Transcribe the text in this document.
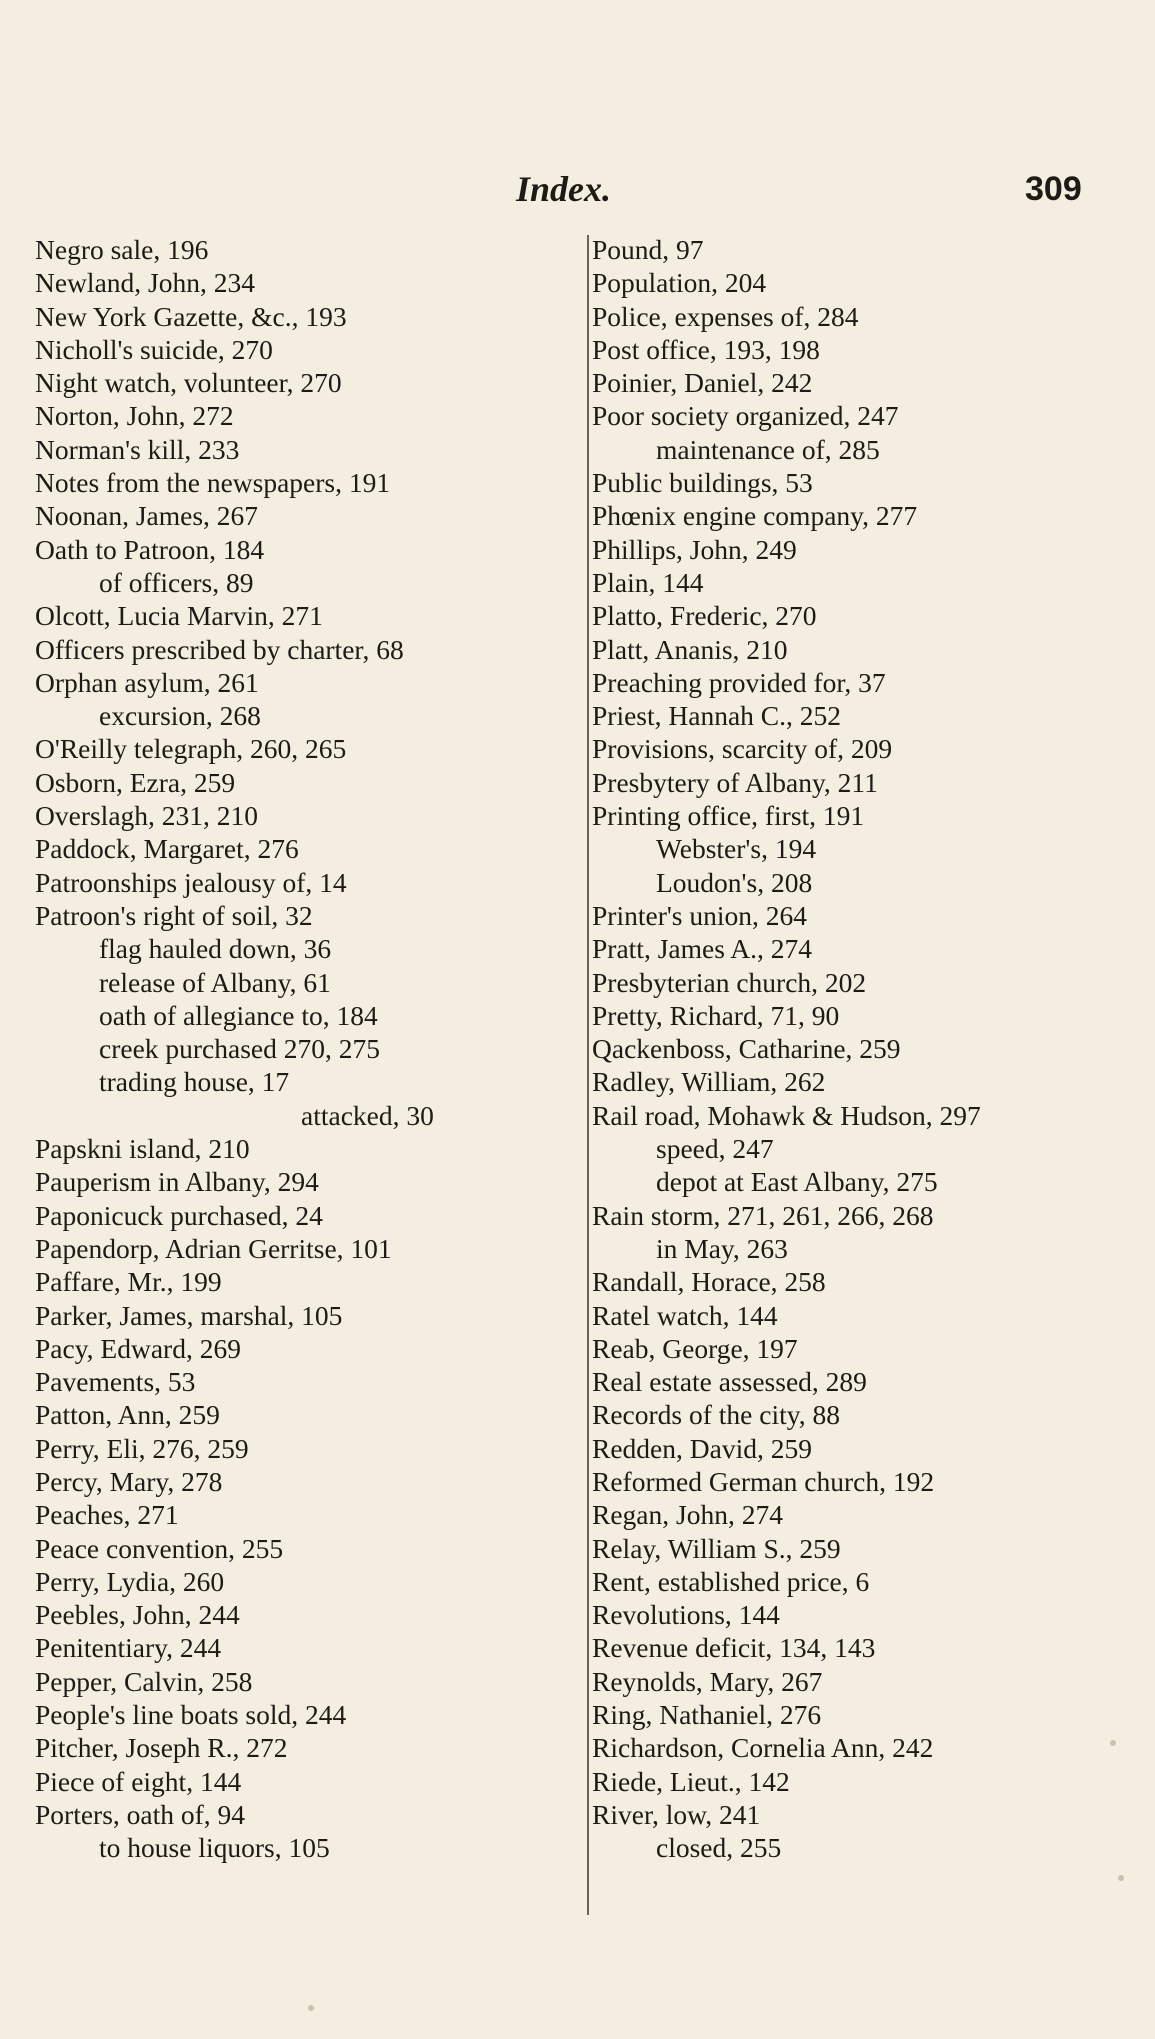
Index.	309
Negro sale, 196
Newland, John, 234
New York Gazette, &c., 193
Nicholl's suicide, 270
Night watch, volunteer, 270
Norton, John, 272
Norman's kill, 233
Notes from the newspapers, 191
Noonan, James, 267
Oath to Patroon, 184
of officers, 89
Olcott, Lucia Marvin, 271
Officers prescribed by charter, 68
Orphan asylum, 261
excursion, 268
O'Reilly telegraph, 260, 265
Osborn, Ezra, 259
Overslagh, 231, 210
Paddock, Margaret, 276
Patroonships jealousy of, 14
Patroon's right of soil, 32
flag hauled down, 36
release of Albany, 61
oath of allegiance to, 184
creek purchased 270, 275
trading house, 17
attacked, 30
Papskni island, 210
Pauperism in Albany, 294
Paponicuck purchased, 24
Papendorp, Adrian Gerritse, 101
Paffare, Mr., 199
Parker, James, marshal, 105
Pacy, Edward, 269
Pavements, 53
Patton, Ann, 259
Perry, Eli, 276, 259
Percy, Mary, 278
Peaches, 271
Peace convention, 255
Perry, Lydia, 260
Peebles, John, 244
Penitentiary, 244
Pepper, Calvin, 258
People's line boats sold, 244
Pitcher, Joseph R., 272
Piece of eight, 144
Porters, oath of, 94
to house liquors, 105
Pound, 97
Population, 204
Police, expenses of, 284
Post office, 193, 198
Poinier, Daniel, 242
Poor society organized, 247
maintenance of, 285
Public buildings, 53
Phœnix engine company, 277
Phillips, John, 249
Plain, 144
Platto, Frederic, 270
Platt, Ananis, 210
Preaching provided for, 37
Priest, Hannah C., 252
Provisions, scarcity of, 209
Presbytery of Albany, 211
Printing office, first, 191
Webster's, 194
Loudon's, 208
Printer's union, 264
Pratt, James A., 274
Presbyterian church, 202
Pretty, Richard, 71, 90
Qackenboss, Catharine, 259
Radley, William, 262
Rail road, Mohawk & Hudson, 297
speed, 247
depot at East Albany, 275
Rain storm, 271, 261, 266, 268
in May, 263
Randall, Horace, 258
Ratel watch, 144
Reab, George, 197
Real estate assessed, 289
Records of the city, 88
Redden, David, 259
Reformed German church, 192
Regan, John, 274
Relay, William S., 259
Rent, established price, 6
Revolutions, 144
Revenue deficit, 134, 143
Reynolds, Mary, 267
Ring, Nathaniel, 276
Richardson, Cornelia Ann, 242
Riede, Lieut., 142
River, low, 241
closed, 255
